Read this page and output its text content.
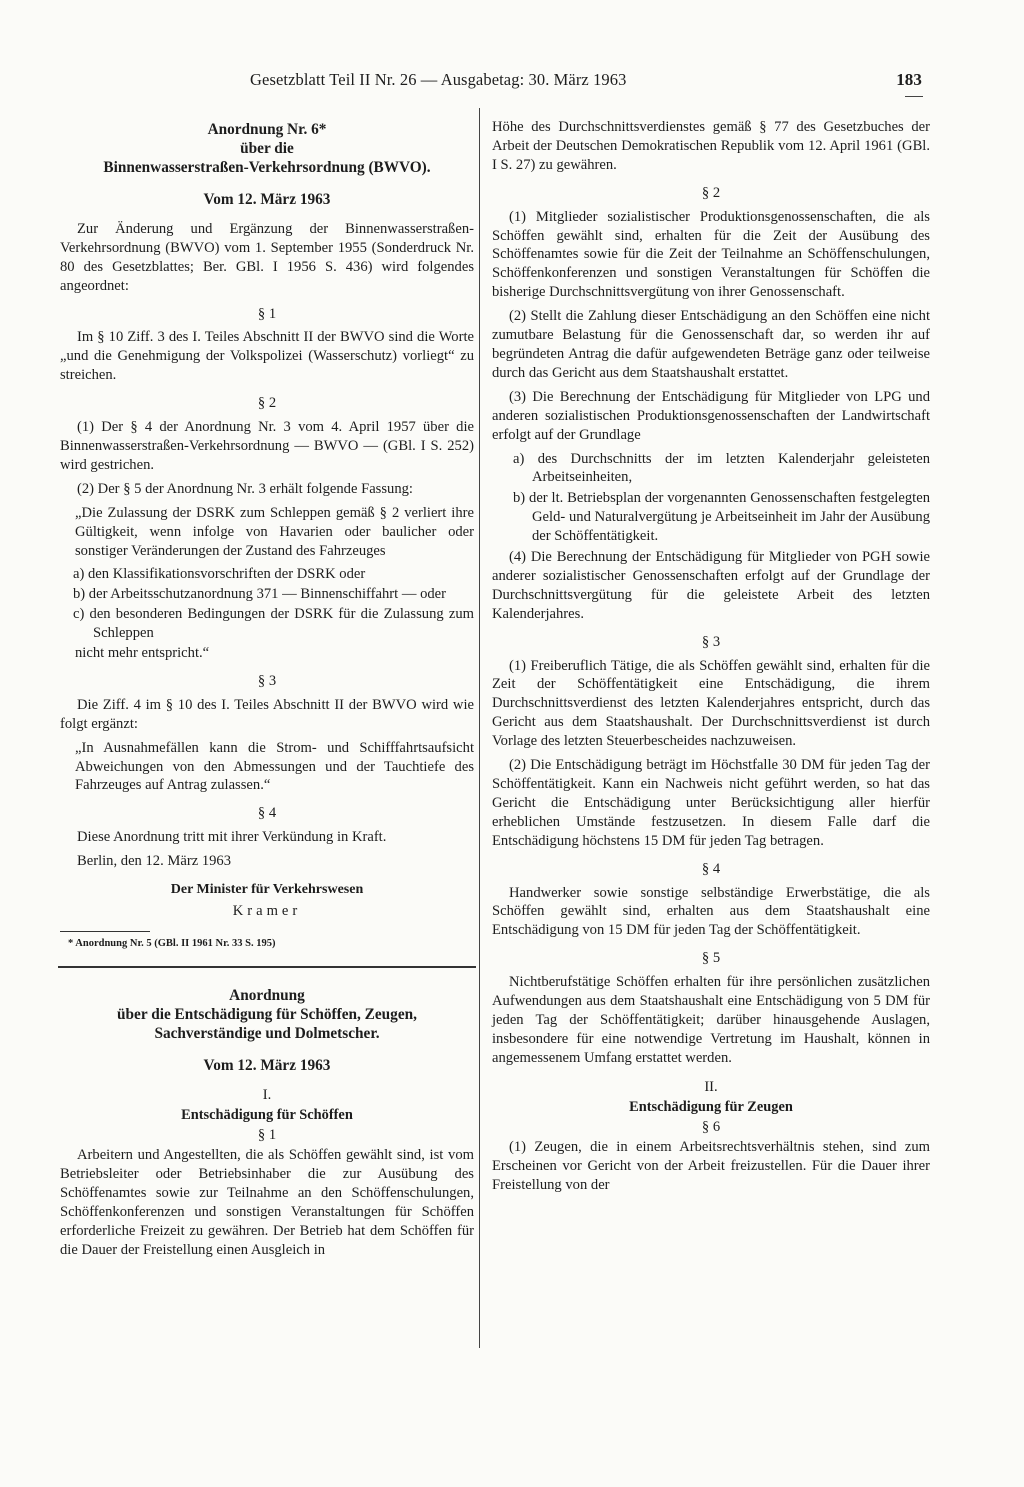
Gesetzblatt Teil II Nr. 26 — Ausgabetag: 30. März 1963	183

Anordnung Nr. 6*

über die

Binnenwasserstraßen-Verkehrsordnung (BWVO).

Vom 12. März 1963

Zur Änderung und Ergänzung der Binnenwasserstraßen-Verkehrsordnung (BWVO) vom 1. September 1955 (Sonderdruck Nr. 80 des Gesetzblattes; Ber. GBl. I 1956 S. 436) wird folgendes angeordnet:

§ 1

Im § 10 Ziff. 3 des I. Teiles Abschnitt II der BWVO sind die Worte „und die Genehmigung der Volkspolizei (Wasserschutz) vorliegt“ zu streichen.

§ 2

(1) Der § 4 der Anordnung Nr. 3 vom 4. April 1957 über die Binnenwasserstraßen-Verkehrsordnung — BWVO — (GBl. I S. 252) wird gestrichen.

(2) Der § 5 der Anordnung Nr. 3 erhält folgende Fassung:

„Die Zulassung der DSRK zum Schleppen gemäß § 2 verliert ihre Gültigkeit, wenn infolge von Havarien oder baulicher oder sonstiger Veränderungen der Zustand des Fahrzeuges

a) den Klassifikationsvorschriften der DSRK oder

b) der Arbeitsschutzanordnung 371 — Binnenschiffahrt — oder

c) den besonderen Bedingungen der DSRK für die Zulassung zum Schleppen

nicht mehr entspricht.“

§ 3

Die Ziff. 4 im § 10 des I. Teiles Abschnitt II der BWVO wird wie folgt ergänzt:

„In Ausnahmefällen kann die Strom- und Schifffahrtsaufsicht Abweichungen von den Abmessungen und der Tauchtiefe des Fahrzeuges auf Antrag zulassen.“

§ 4

Diese Anordnung tritt mit ihrer Verkündung in Kraft.

Berlin, den 12. März 1963

Der Minister für Verkehrswesen

Kramer

* Anordnung Nr. 5 (GBl. II 1961 Nr. 33 S. 195)

Anordnung

über die Entschädigung für Schöffen, Zeugen,

Sachverständige und Dolmetscher.

Vom 12. März 1963

I.

Entschädigung für Schöffen

§ 1

Arbeitern und Angestellten, die als Schöffen gewählt sind, ist vom Betriebsleiter oder Betriebsinhaber die zur Ausübung des Schöffenamtes sowie zur Teilnahme an den Schöffenschulungen, Schöffenkonferenzen und sonstigen Veranstaltungen für Schöffen erforderliche Freizeit zu gewähren. Der Betrieb hat dem Schöffen für die Dauer der Freistellung einen Ausgleich in

Höhe des Durchschnittsverdienstes gemäß § 77 des Gesetzbuches der Arbeit der Deutschen Demokratischen Republik vom 12. April 1961 (GBl. I S. 27) zu gewähren.

§ 2

(1) Mitglieder sozialistischer Produktionsgenossenschaften, die als Schöffen gewählt sind, erhalten für die Zeit der Ausübung des Schöffenamtes sowie für die Zeit der Teilnahme an Schöffenschulungen, Schöffenkonferenzen und sonstigen Veranstaltungen für Schöffen die bisherige Durchschnittsvergütung von ihrer Genossenschaft.

(2) Stellt die Zahlung dieser Entschädigung an den Schöffen eine nicht zumutbare Belastung für die Genossenschaft dar, so werden ihr auf begründeten Antrag die dafür aufgewendeten Beträge ganz oder teilweise durch das Gericht aus dem Staatshaushalt erstattet.

(3) Die Berechnung der Entschädigung für Mitglieder von LPG und anderen sozialistischen Produktionsgenossenschaften der Landwirtschaft erfolgt auf der Grundlage

a) des Durchschnitts der im letzten Kalenderjahr geleisteten Arbeitseinheiten,

b) der lt. Betriebsplan der vorgenannten Genossenschaften festgelegten Geld- und Naturalvergütung je Arbeitseinheit im Jahr der Ausübung der Schöffentätigkeit.

(4) Die Berechnung der Entschädigung für Mitglieder von PGH sowie anderer sozialistischer Genossenschaften erfolgt auf der Grundlage der Durchschnittsvergütung für die geleistete Arbeit des letzten Kalenderjahres.

§ 3

(1) Freiberuflich Tätige, die als Schöffen gewählt sind, erhalten für die Zeit der Schöffentätigkeit eine Entschädigung, die ihrem Durchschnittsverdienst des letzten Kalenderjahres entspricht, durch das Gericht aus dem Staatshaushalt. Der Durchschnittsverdienst ist durch Vorlage des letzten Steuerbescheides nachzuweisen.

(2) Die Entschädigung beträgt im Höchstfalle 30 DM für jeden Tag der Schöffentätigkeit. Kann ein Nachweis nicht geführt werden, so hat das Gericht die Entschädigung unter Berücksichtigung aller hierfür erheblichen Umstände festzusetzen. In diesem Falle darf die Entschädigung höchstens 15 DM für jeden Tag betragen.

§ 4

Handwerker sowie sonstige selbständige Erwerbstätige, die als Schöffen gewählt sind, erhalten aus dem Staatshaushalt eine Entschädigung von 15 DM für jeden Tag der Schöffentätigkeit.

§ 5

Nichtberufstätige Schöffen erhalten für ihre persönlichen zusätzlichen Aufwendungen aus dem Staatshaushalt eine Entschädigung von 5 DM für jeden Tag der Schöffentätigkeit; darüber hinausgehende Auslagen, insbesondere für eine notwendige Vertretung im Haushalt, können in angemessenem Umfang erstattet werden.

II.

Entschädigung für Zeugen

§ 6

(1) Zeugen, die in einem Arbeitsrechtsverhältnis stehen, sind zum Erscheinen vor Gericht von der Arbeit freizustellen. Für die Dauer ihrer Freistellung von der
